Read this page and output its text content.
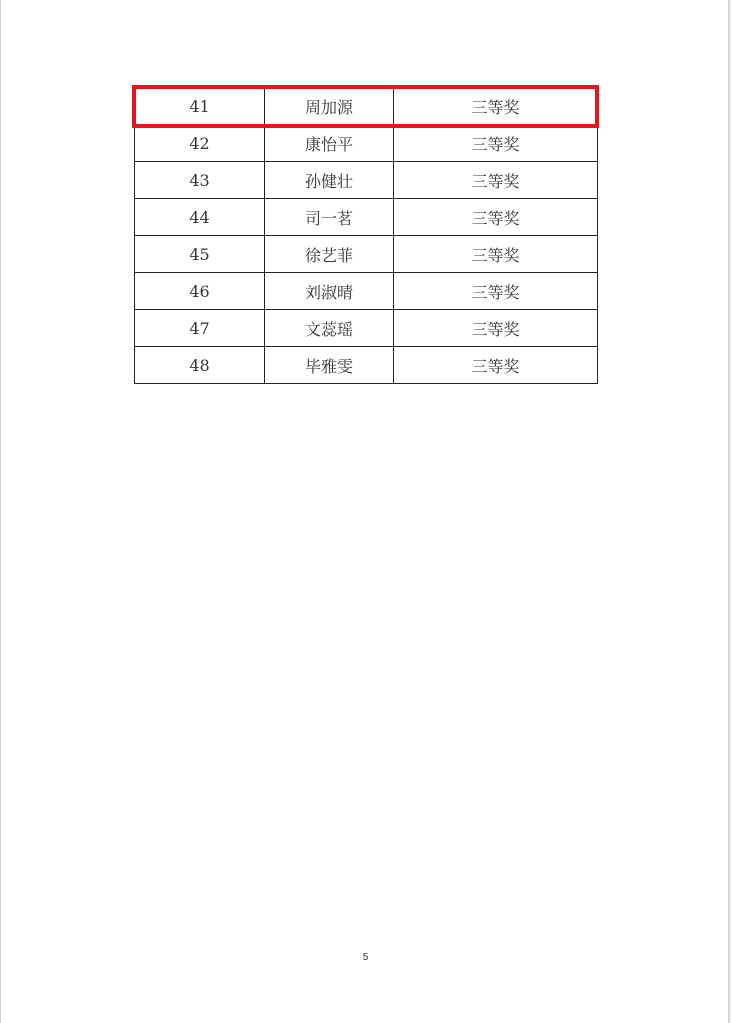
41	周加源	三等奖
42	康怡平	三等奖
43	孙健壮	三等奖
44	司一茗	三等奖
45	徐艺菲	三等奖
46	刘淑晴	三等奖
47	文蕊瑶	三等奖
48	毕雅雯	三等奖
5
